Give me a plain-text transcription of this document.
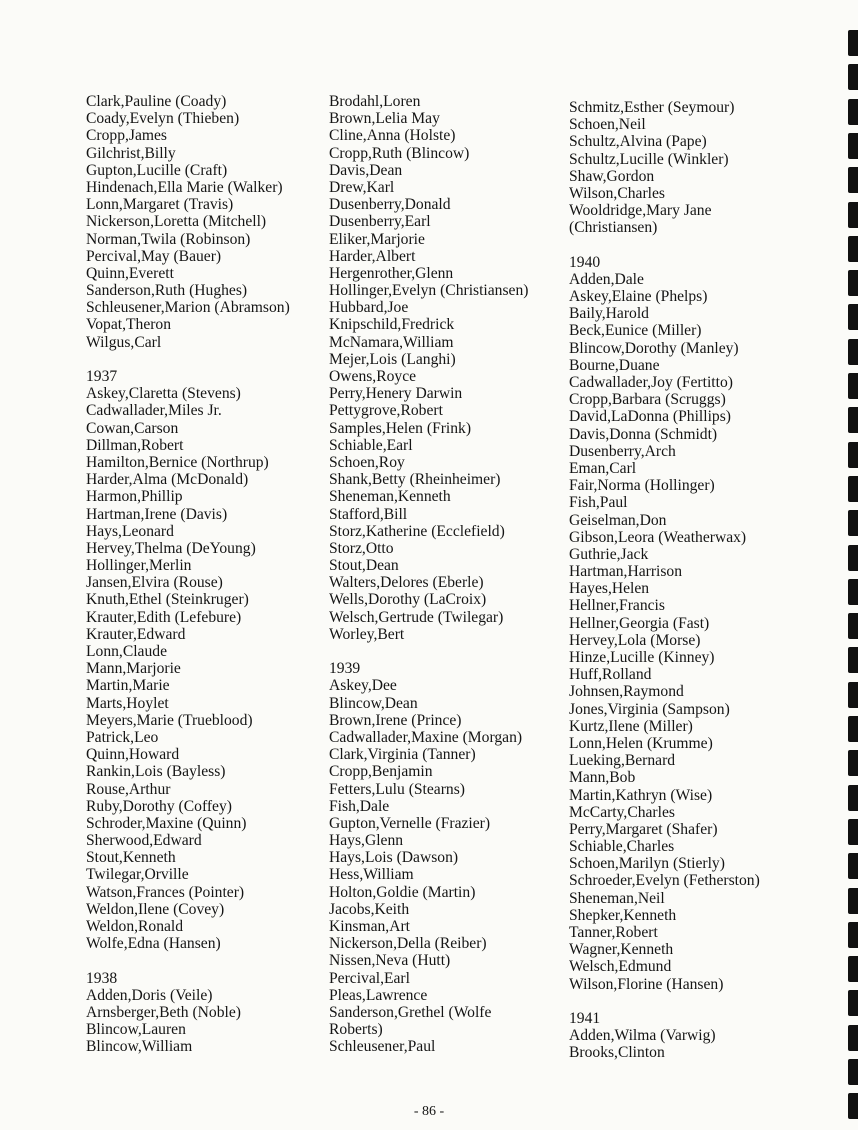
Clark,Pauline (Coady)
Coady,Evelyn (Thieben)
Cropp,James
Gilchrist,Billy
Gupton,Lucille (Craft)
Hindenach,Ella Marie (Walker)
Lonn,Margaret (Travis)
Nickerson,Loretta (Mitchell)
Norman,Twila (Robinson)
Percival,May (Bauer)
Quinn,Everett
Sanderson,Ruth (Hughes)
Schleusener,Marion (Abramson)
Vopat,Theron
Wilgus,Carl
1937
Askey,Claretta (Stevens)
Cadwallader,Miles Jr.
Cowan,Carson
Dillman,Robert
Hamilton,Bernice (Northrup)
Harder,Alma (McDonald)
Harmon,Phillip
Hartman,Irene (Davis)
Hays,Leonard
Hervey,Thelma (DeYoung)
Hollinger,Merlin
Jansen,Elvira (Rouse)
Knuth,Ethel (Steinkruger)
Krauter,Edith (Lefebure)
Krauter,Edward
Lonn,Claude
Mann,Marjorie
Martin,Marie
Marts,Hoylet
Meyers,Marie (Trueblood)
Patrick,Leo
Quinn,Howard
Rankin,Lois (Bayless)
Rouse,Arthur
Ruby,Dorothy (Coffey)
Schroder,Maxine (Quinn)
Sherwood,Edward
Stout,Kenneth
Twilegar,Orville
Watson,Frances (Pointer)
Weldon,Ilene (Covey)
Weldon,Ronald
Wolfe,Edna (Hansen)
1938
Adden,Doris (Veile)
Arnsberger,Beth (Noble)
Blincow,Lauren
Blincow,William
Brodahl,Loren
Brown,Lelia May
Cline,Anna (Holste)
Cropp,Ruth (Blincow)
Davis,Dean
Drew,Karl
Dusenberry,Donald
Dusenberry,Earl
Eliker,Marjorie
Harder,Albert
Hergenrother,Glenn
Hollinger,Evelyn (Christiansen)
Hubbard,Joe
Knipschild,Fredrick
McNamara,William
Mejer,Lois (Langhi)
Owens,Royce
Perry,Henery Darwin
Pettygrove,Robert
Samples,Helen (Frink)
Schiable,Earl
Schoen,Roy
Shank,Betty (Rheinheimer)
Sheneman,Kenneth
Stafford,Bill
Storz,Katherine (Ecclefield)
Storz,Otto
Stout,Dean
Walters,Delores (Eberle)
Wells,Dorothy (LaCroix)
Welsch,Gertrude (Twilegar)
Worley,Bert
1939
Askey,Dee
Blincow,Dean
Brown,Irene (Prince)
Cadwallader,Maxine (Morgan)
Clark,Virginia (Tanner)
Cropp,Benjamin
Fetters,Lulu (Stearns)
Fish,Dale
Gupton,Vernelle (Frazier)
Hays,Glenn
Hays,Lois (Dawson)
Hess,William
Holton,Goldie (Martin)
Jacobs,Keith
Kinsman,Art
Nickerson,Della (Reiber)
Nissen,Neva (Hutt)
Percival,Earl
Pleas,Lawrence
Sanderson,Grethel (Wolfe
Roberts)
Schleusener,Paul
Schmitz,Esther (Seymour)
Schoen,Neil
Schultz,Alvina (Pape)
Schultz,Lucille (Winkler)
Shaw,Gordon
Wilson,Charles
Wooldridge,Mary Jane
(Christiansen)
1940
Adden,Dale
Askey,Elaine (Phelps)
Baily,Harold
Beck,Eunice (Miller)
Blincow,Dorothy (Manley)
Bourne,Duane
Cadwallader,Joy (Fertitto)
Cropp,Barbara (Scruggs)
David,LaDonna (Phillips)
Davis,Donna (Schmidt)
Dusenberry,Arch
Eman,Carl
Fair,Norma (Hollinger)
Fish,Paul
Geiselman,Don
Gibson,Leora (Weatherwax)
Guthrie,Jack
Hartman,Harrison
Hayes,Helen
Hellner,Francis
Hellner,Georgia (Fast)
Hervey,Lola (Morse)
Hinze,Lucille (Kinney)
Huff,Rolland
Johnsen,Raymond
Jones,Virginia (Sampson)
Kurtz,Ilene (Miller)
Lonn,Helen (Krumme)
Lueking,Bernard
Mann,Bob
Martin,Kathryn (Wise)
McCarty,Charles
Perry,Margaret (Shafer)
Schiable,Charles
Schoen,Marilyn (Stierly)
Schroeder,Evelyn (Fetherston)
Sheneman,Neil
Shepker,Kenneth
Tanner,Robert
Wagner,Kenneth
Welsch,Edmund
Wilson,Florine (Hansen)
1941
Adden,Wilma (Varwig)
Brooks,Clinton
- 86 -
